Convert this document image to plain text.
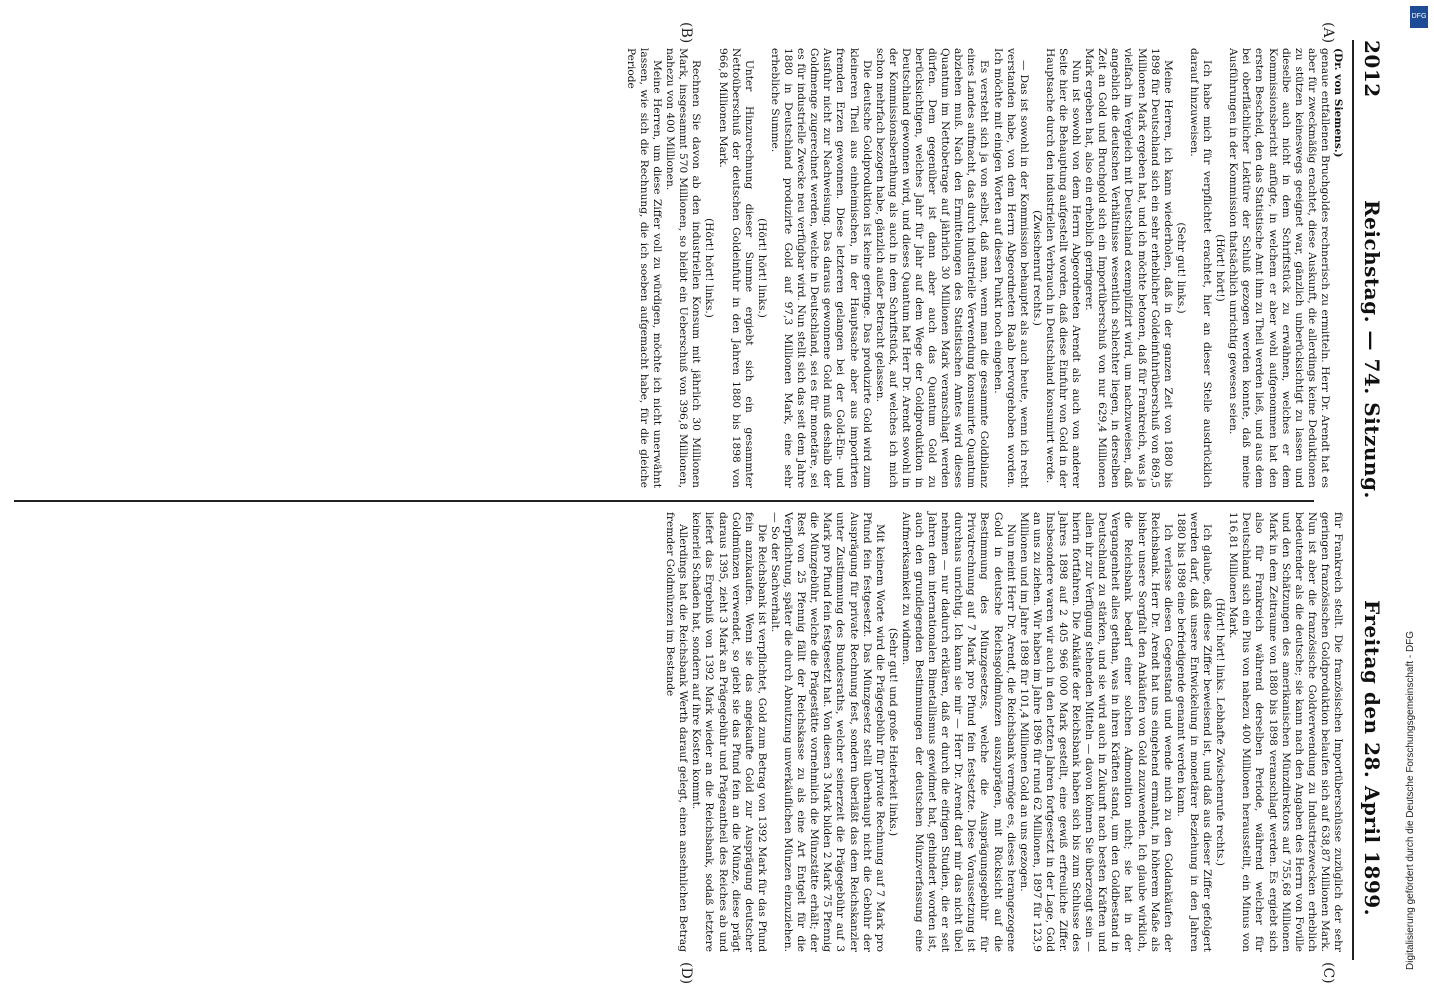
2012
Reichstag. — 74. Sitzung.
Freitag den 28. April 1899.
(A)
(B)
(C)
(D)

(Dr. von Siemens.)

genaue entfallenen Bruchgoldes rechnerisch zu ermitteln. Herr Dr. Arendt hat es aber für zweckmäßig erachtet, diese Auskunft, die allerdings keine Deduktionen zu stützen keineswegs geeignet war, gänzlich unberücksichtigt zu lassen und dieselbe auch nicht in dem Schriftstück zu erwähnen, welches er dem Kommissionsbericht anfügte, in welchem er aber wohl aufgenommen hat den ersten Bescheid, den das Statistische Amt ihm zu Theil werden ließ, und aus dem bei oberflächlicher Lektüre der Schluß gezogen werden konnte, daß meine Ausführungen in der Kommission thatsächlich unrichtig gewesen seien.

(Hört! hört!)

Ich habe mich für verpflichtet erachtet, hier an dieser Stelle ausdrücklich darauf hinzuweisen.

(Sehr gut! links.)

Meine Herren, ich kann wiederholen, daß in der ganzen Zeit von 1880 bis 1898 für Deutschland sich ein sehr erheblicher Goldeinfuhrüberschuß von 869,5 Millionen Mark ergeben hat, und ich möchte betonen, daß für Frankreich, was ja vielfach im Vergleich mit Deutschland exemplifizirt wird, um nachzuweisen, daß angeblich die deutschen Verhältnisse wesentlich schlechter liegen, in derselben Zeit an Gold und Bruchgold sich ein Importüberschuß von nur 629,4 Millionen Mark ergeben hat, also ein erheblich geringerer.

Nun ist sowohl von dem Herrn Abgeordneten Arendt als auch von anderer Seite hier die Behauptung aufgestellt worden, daß diese Einfuhr von Gold in der Hauptsache durch den industriellen Verbrauch in Deutschland konsumirt werde.

(Zwischenruf rechts.)

— Das ist sowohl in der Kommission behauptet als auch heute, wenn ich recht verstanden habe, von dem Herrn Abgeordneten Raab hervorgehoben worden. Ich möchte mit einigen Worten auf diesen Punkt noch eingehen.

Es versteht sich ja von selbst, daß man, wenn man die gesammte Goldbilanz eines Landes aufmacht, das durch industrielle Verwendung konsumirte Quantum abziehen muß. Nach den Ermittelungen des Statistischen Amtes wird dieses Quantum im Nettobetrage auf jährlich 30 Millionen Mark veranschlagt werden dürfen. Dem gegenüber ist dann aber auch das Quantum Gold zu berücksichtigen, welches Jahr für Jahr auf dem Wege der Goldproduktion in Deutschland gewonnen wird, und dieses Quantum hat Herr Dr. Arendt sowohl in der Kommissionsberathung als auch in dem Schriftstück, auf welches ich mich schon mehrfach bezogen habe, gänzlich außer Betracht gelassen.

Die deutsche Goldproduktion ist keine geringe. Das produzirte Gold wird zum kleineren Theil aus einheimischen, in der Hauptsache aber aus importirten fremden Erzen gewonnen. Diese letzteren gelangen bei der Gold-Ein- und Ausfuhr nicht zur Nachweisung. Das daraus gewonnene Gold muß deshalb der Goldmenge zugerechnet werden, welche in Deutschland, sei es für monetäre, sei es für industrielle Zwecke neu verfügbar wird. Nun stellt sich das seit dem Jahre 1880 in Deutschland produzirte Gold auf 97,3 Millionen Mark, eine sehr erhebliche Summe.

(Hört! hört! links.)

Unter Hinzurechnung dieser Summe ergiebt sich ein gesammter Nettoüberschuß der deutschen Goldeinfuhr in den Jahren 1880 bis 1898 von 966,8 Millionen Mark.

(Hört! hört! links.)

Rechnen Sie davon ab den industriellen Konsum mit jährlich 30 Millionen Mark, insgesammt 570 Millionen, so bleibt ein Ueberschuß von 396,8 Millionen, nahezu von 400 Millionen.

Meine Herren, um diese Ziffer voll zu würdigen, möchte ich nicht unerwähnt lassen, wie sich die Rechnung, die ich soeben aufgemacht habe, für die gleiche Periode

für Frankreich stellt. Die französischen Importüberschüsse zuzüglich der sehr geringen französischen Goldproduktion belaufen sich auf 638,87 Millionen Mark. Nun ist aber die französische Goldverwendung zu Industriezwecken erheblich bedeutender als die deutsche; sie kann nach den Angaben des Herrn von Foville und den Schätzungen des amerikanischen Münzdirektors auf 755,68 Millionen Mark in dem Zeitraume von 1880 bis 1898 veranschlagt werden. Es ergiebt sich also für Frankreich während derselben Periode, während welcher für Deutschland sich ein Plus von nahezu 400 Millionen herausstellt, ein Minus von 116,81 Millionen Mark.

(Hört! hört! links. Lebhafte Zwischenrufe rechts.)

Ich glaube, daß diese Ziffer beweisend ist, und daß aus dieser Ziffer gefolgert werden darf, daß unsere Entwickelung in monetärer Beziehung in den Jahren 1880 bis 1898 eine befriedigende genannt werden kann.

Ich verlasse diesen Gegenstand und wende mich zu den Goldankäufen der Reichsbank. Herr Dr. Arendt hat uns eingehend ermahnt, in höherem Maße als bisher unsere Sorgfalt den Ankäufen von Gold zuzuwenden. Ich glaube wirklich, die Reichsbank bedarf einer solchen Admonition nicht; sie hat in der Vergangenheit alles gethan, was in ihren Kräften stand, um den Goldbestand in Deutschland zu stärken, und sie wird auch in Zukunft nach besten Kräften und allen ihr zur Verfügung stehenden Mitteln — davon können Sie überzeugt sein — hierin fortfahren. Die Ankäufe der Reichsbank haben sich bis zum Schlusse des Jahres 1898 auf 2 405 966 000 Mark gestellt, eine gewiß erfreuliche Ziffer. Insbesondere waren wir auch in den letzten Jahren fortgesetzt in der Lage, Gold an uns zu ziehen. Wir haben im Jahre 1896 für rund 62 Millionen, 1897 für 123,9 Millionen und im Jahre 1898 für 101,4 Millionen Gold an uns gezogen.

Nun meint Herr Dr. Arendt, die Reichsbank vermöge es, dieses herangezogene Gold in deutsche Reichsgoldmünzen auszuprägen, mit Rücksicht auf die Bestimmung des Münzgesetzes, welche die Ausprägungsgebühr für Privatrechnung auf 7 Mark pro Pfund fein festsetzte. Diese Voraussetzung ist durchaus unrichtig. Ich kann sie mir — Herr Dr. Arendt darf mir das nicht übel nehmen — nur dadurch erklären, daß er durch die eifrigen Studien, die er seit Jahren dem internationalen Bimetallismus gewidmet hat, gehindert worden ist, auch den grundlegenden Bestimmungen der deutschen Münzverfassung eine Aufmerksamkeit zu widmen.

(Sehr gut! und große Heiterkeit links.)

Mit keinem Worte wird die Prägegebühr für private Rechnung auf 7 Mark pro Pfund fein festgesetzt. Das Münzgesetz stellt überhaupt nicht die Gebühr der Ausprägung für private Rechnung fest, sondern überläßt das dem Reichskanzler unter Zustimmung des Bundesraths, welcher seinerzeit die Prägegebühr auf 3 Mark pro Pfund fein festgesetzt hat. Von diesen 3 Mark bilden 2 Mark 75 Pfennig die Münzgebühr, welche die Prägestätte vornehmlich die Münzstätte erhält; der Rest von 25 Pfennig fällt der Reichskasse zu als eine Art Entgelt für die Verpflichtung, später die durch Abnutzung unverkäuflichen Münzen einzuziehen. — So der Sachverhalt.

Die Reichsbank ist verpflichtet, Gold zum Betrag von 1392 Mark für das Pfund fein anzukaufen. Wenn sie das angekaufte Gold zur Ausprägung deutscher Goldmünzen verwendet, so giebt sie das Pfund fein an die Münze, diese prägt daraus 1395, zieht 3 Mark an Prägegebühr und Prägeantheil des Reiches ab und liefert das Ergebniß von 1392 Mark wieder an die Reichsbank, sodaß letztere keinerlei Schaden hat, sondern auf ihre Kosten kommt.

Allerdings hat die Reichsbank Werth darauf gelegt, einen ansehnlichen Betrag fremder Goldmünzen im Bestande

DFG
Digitalisierung gefördert durch die Deutsche Forschungsgemeinschaft - DFG
